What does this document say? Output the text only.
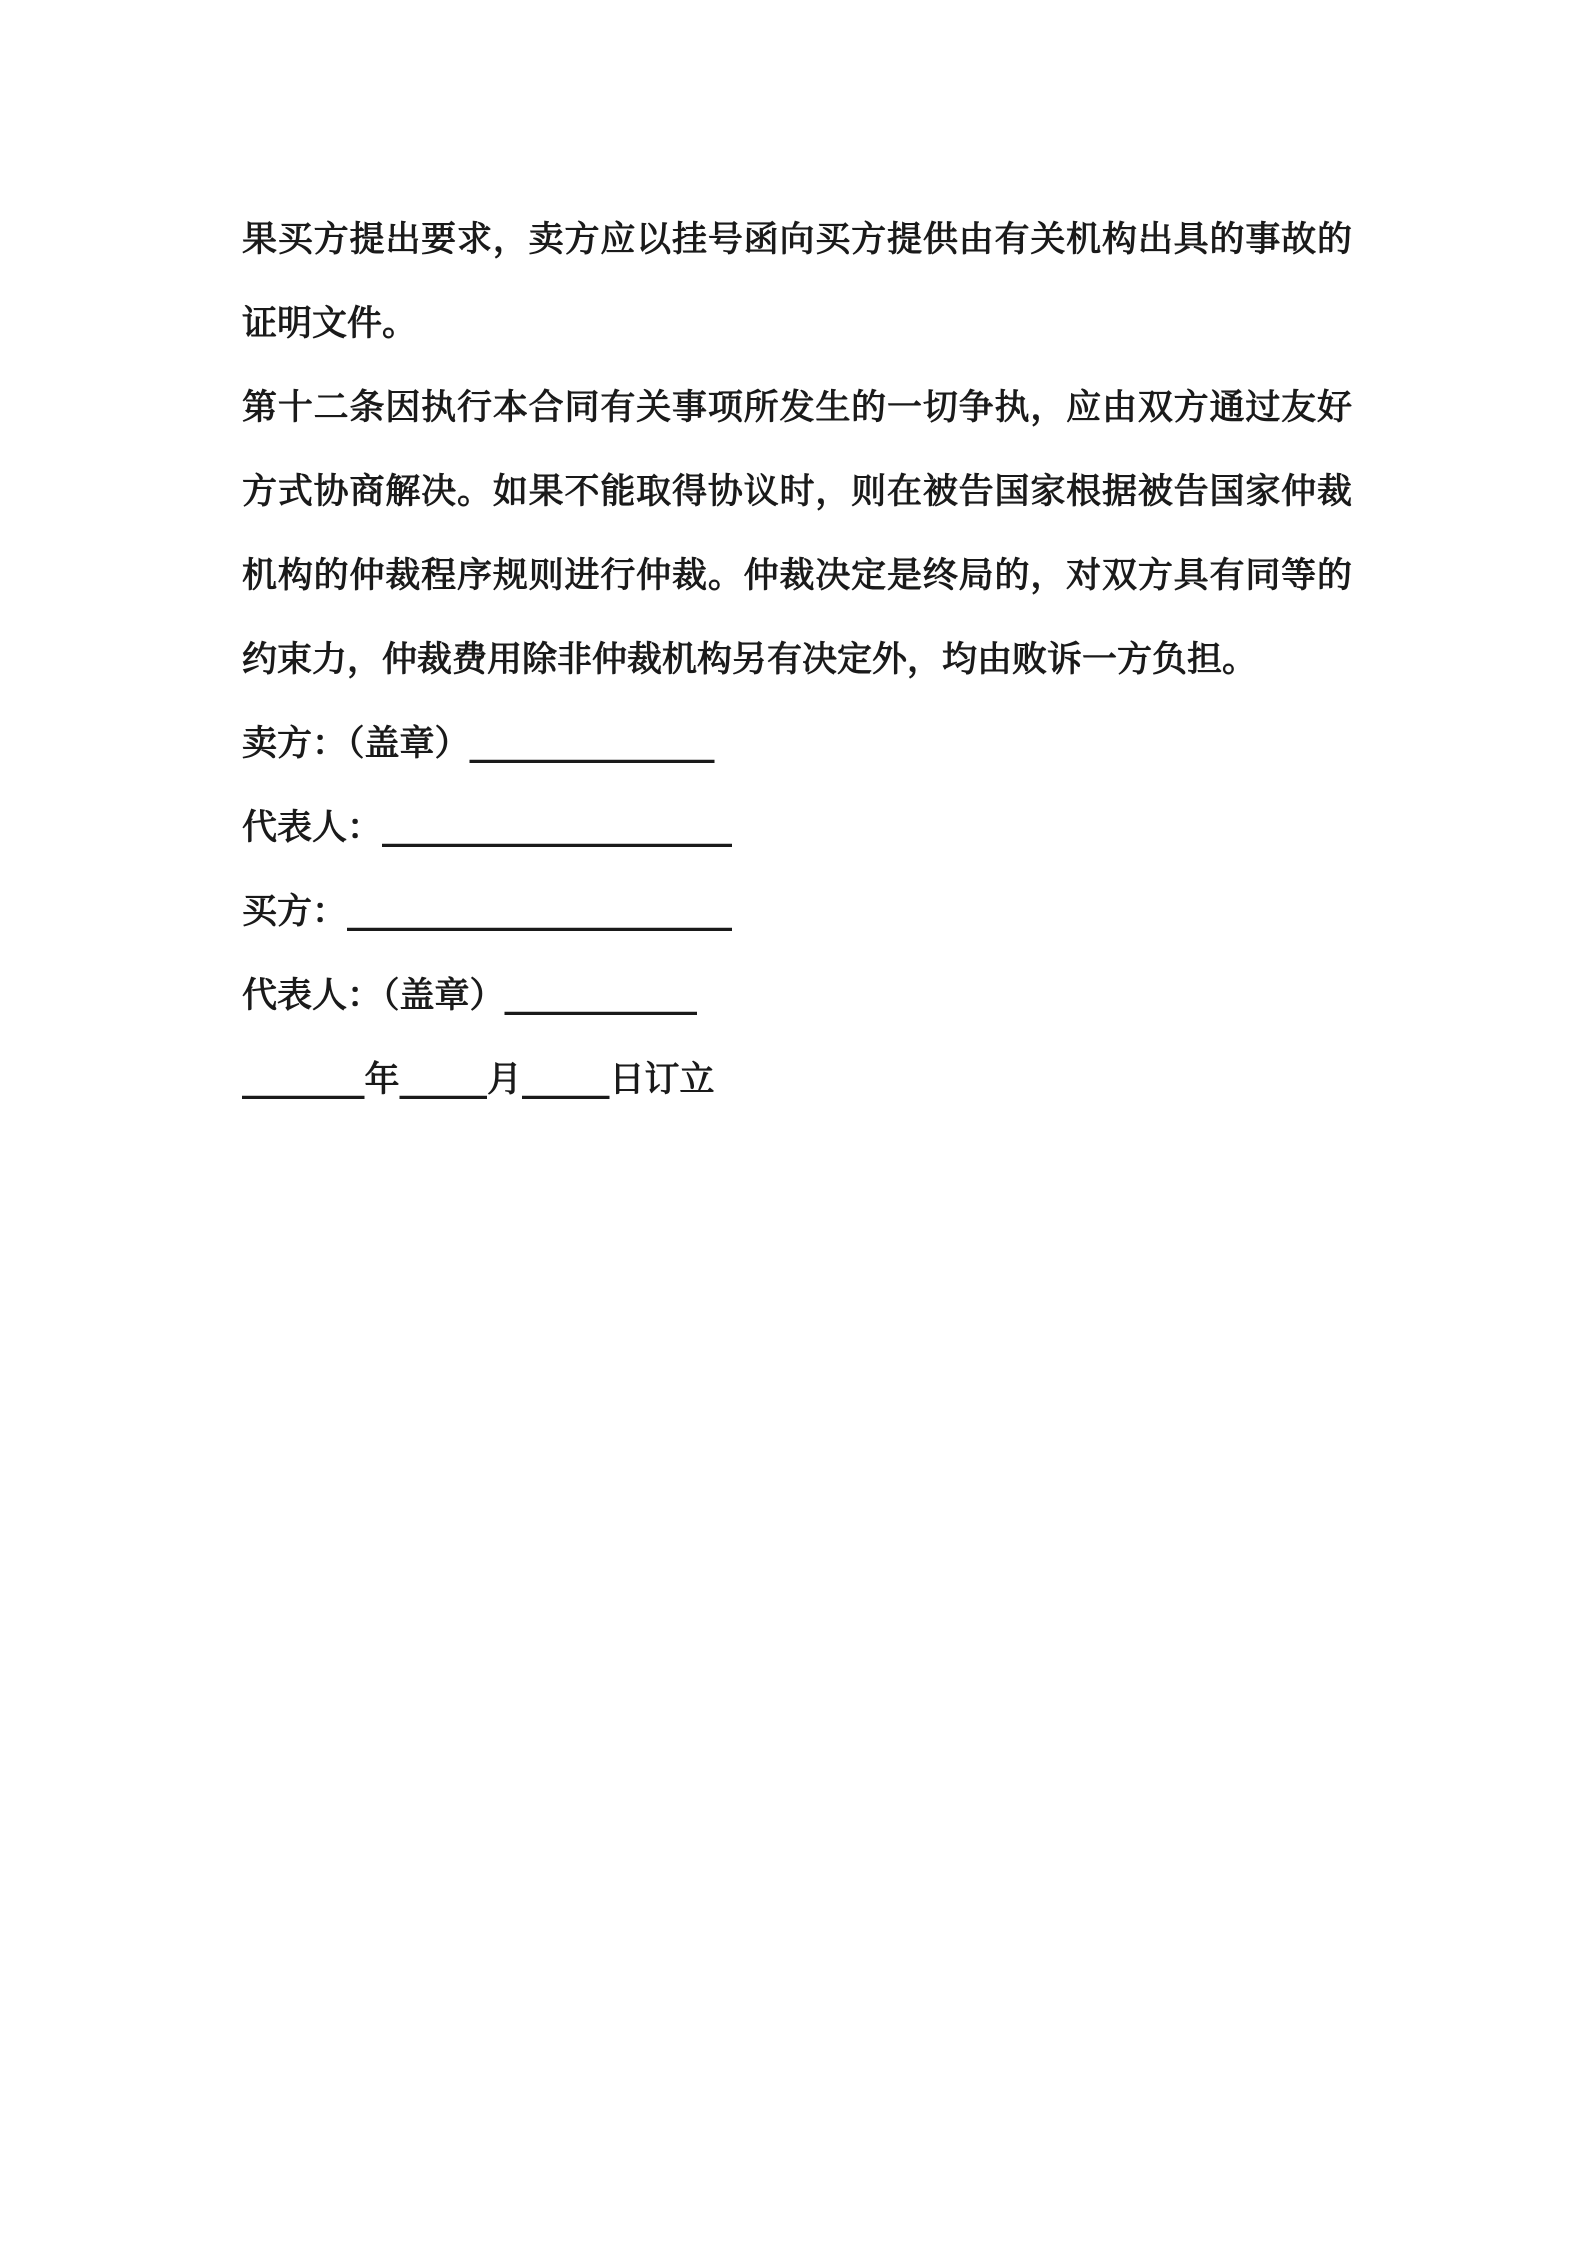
果买方提出要求，卖方应以挂号函向买方提供由有关机构出具的事故的证明文件。

第十二条因执行本合同有关事项所发生的一切争执，应由双方通过友好方式协商解决。如果不能取得协议时，则在被告国家根据被告国家仲裁机构的仲裁程序规则进行仲裁。仲裁决定是终局的，对双方具有同等的约束力，仲裁费用除非仲裁机构另有决定外，均由败诉一方负担。

卖方：（盖章）______________

代表人：____________________

买方：______________________

代表人：（盖章）___________

_______年_____月_____日订立
